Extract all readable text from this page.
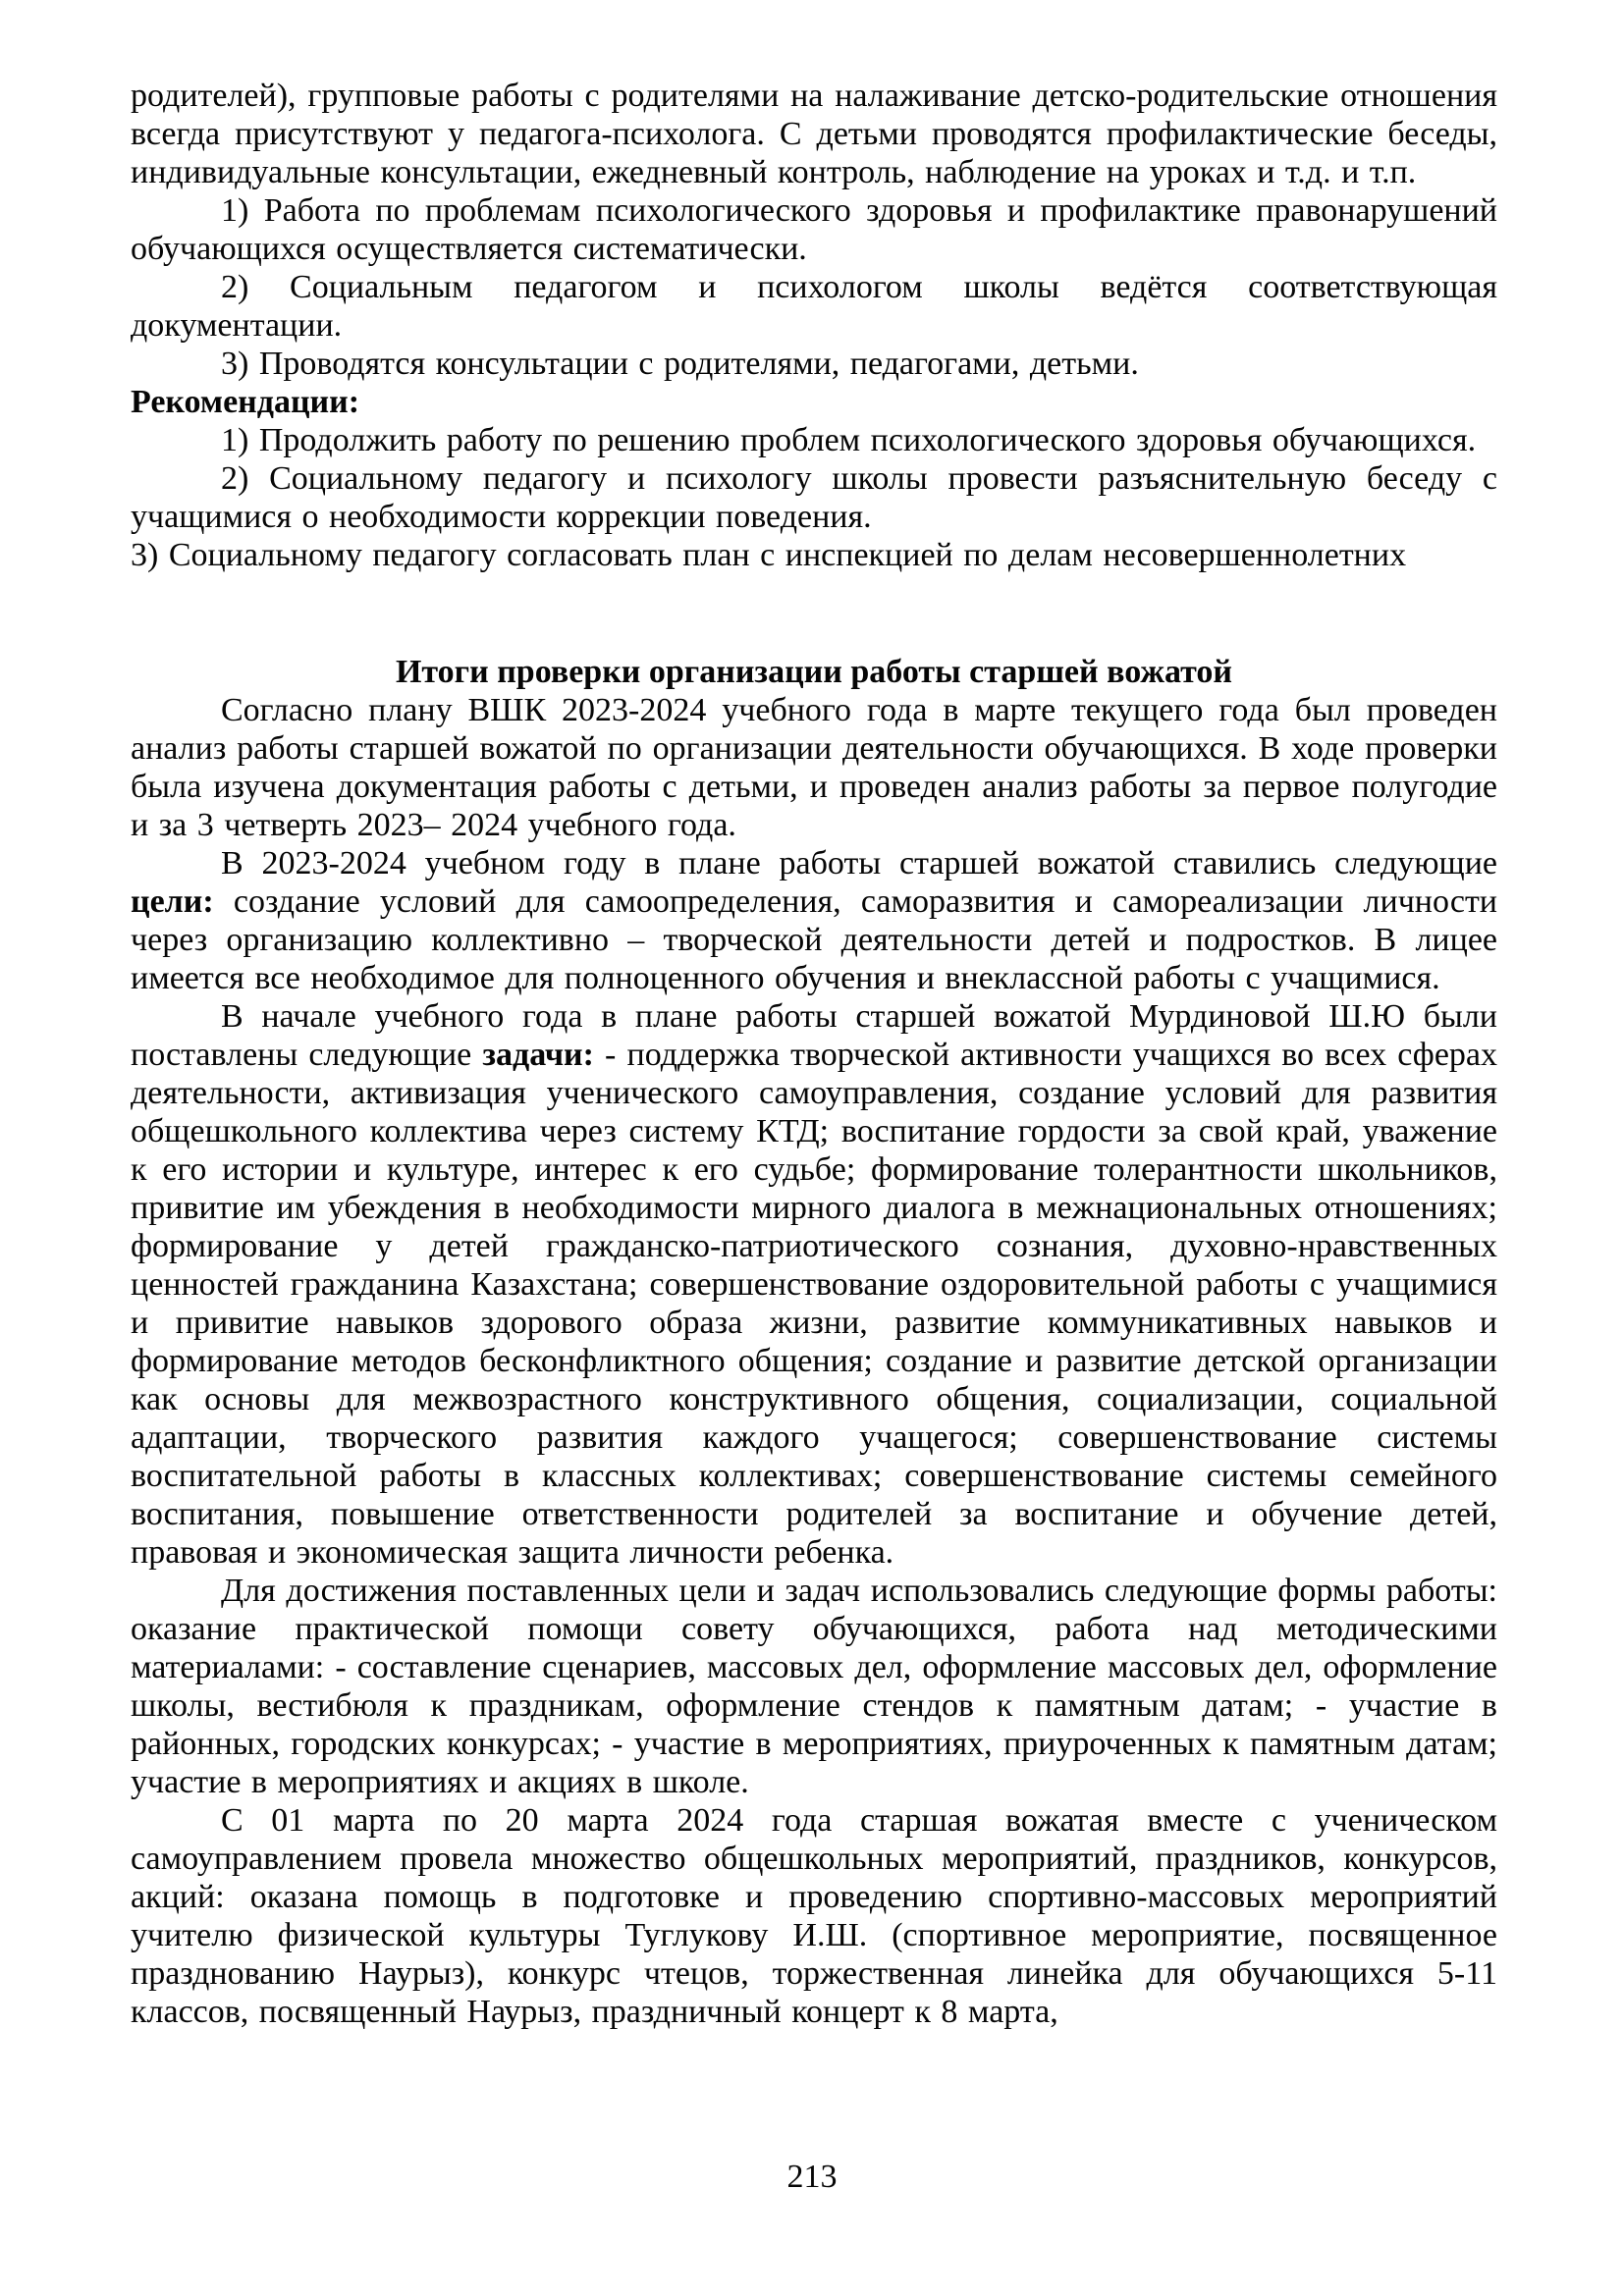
родителей), групповые работы с родителями на налаживание детско-родительские отношения всегда присутствуют у педагога-психолога. С детьми проводятся профилактические беседы, индивидуальные консультации, ежедневный контроль, наблюдение на уроках и т.д. и т.п.

1) Работа по проблемам психологического здоровья и профилактике правонарушений обучающихся осуществляется систематически.

2) Социальным педагогом и психологом школы ведётся соответствующая документации.

3) Проводятся консультации с родителями, педагогами, детьми.

Рекомендации:

1) Продолжить работу по решению проблем психологического здоровья обучающихся.

2) Социальному педагогу и психологу школы провести разъяснительную беседу с учащимися о необходимости коррекции поведения.

3) Социальному педагогу согласовать план с инспекцией по делам несовершеннолетних

Итоги проверки организации работы старшей вожатой

Согласно плану ВШК 2023-2024 учебного года в марте текущего года был проведен анализ работы старшей вожатой по организации деятельности обучающихся. В ходе проверки была изучена документация работы с детьми, и проведен анализ работы за первое полугодие и за 3 четверть 2023– 2024 учебного года.

В 2023-2024 учебном году в плане работы старшей вожатой ставились следующие цели: создание условий для самоопределения, саморазвития и самореализации личности через организацию коллективно – творческой деятельности детей и подростков. В лицее имеется все необходимое для полноценного обучения и внеклассной работы с учащимися.

В начале учебного года в плане работы старшей вожатой Мурдиновой Ш.Ю были поставлены следующие задачи: - поддержка творческой активности учащихся во всех сферах деятельности, активизация ученического самоуправления, создание условий для развития общешкольного коллектива через систему КТД; воспитание гордости за свой край, уважение к его истории и культуре, интерес к его судьбе; формирование толерантности школьников, привитие им убеждения в необходимости мирного диалога в межнациональных отношениях; формирование у детей гражданско-патриотического сознания, духовно-нравственных ценностей гражданина Казахстана; совершенствование оздоровительной работы с учащимися и привитие навыков здорового образа жизни, развитие коммуникативных навыков и формирование методов бесконфликтного общения; создание и развитие детской организации как основы для межвозрастного конструктивного общения, социализации, социальной адаптации, творческого развития каждого учащегося; совершенствование системы воспитательной работы в классных коллективах; совершенствование системы семейного воспитания, повышение ответственности родителей за воспитание и обучение детей, правовая и экономическая защита личности ребенка.

Для достижения поставленных цели и задач использовались следующие формы работы: оказание практической помощи совету обучающихся, работа над методическими материалами: - составление сценариев, массовых дел, оформление массовых дел, оформление школы, вестибюля к праздникам, оформление стендов к памятным датам; - участие в районных, городских конкурсах; - участие в мероприятиях, приуроченных к памятным датам; участие в мероприятиях и акциях в школе.

С 01 марта по 20 марта 2024 года старшая вожатая вместе с ученическом самоуправлением провела множество общешкольных мероприятий, праздников, конкурсов, акций: оказана помощь в подготовке и проведению спортивно-массовых мероприятий учителю физической культуры Туглукову И.Ш. (спортивное мероприятие, посвященное празднованию Наурыз), конкурс чтецов, торжественная линейка для обучающихся 5-11 классов, посвященный Наурыз, праздничный концерт к 8 марта,

213
